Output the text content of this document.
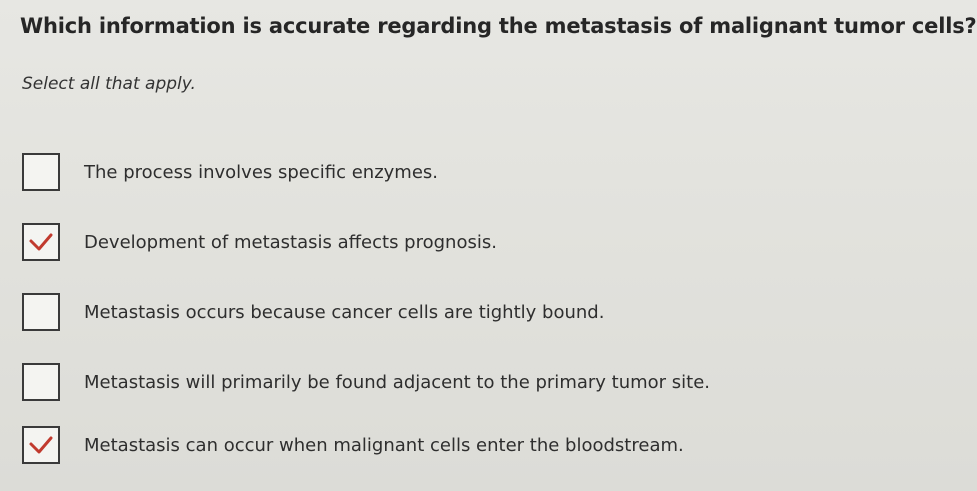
Which information is accurate regarding the metastasis of malignant tumor cells?
Select all that apply.
The process involves specific enzymes.
Development of metastasis affects prognosis.
Metastasis occurs because cancer cells are tightly bound.
Metastasis will primarily be found adjacent to the primary tumor site.
Metastasis can occur when malignant cells enter the bloodstream.
